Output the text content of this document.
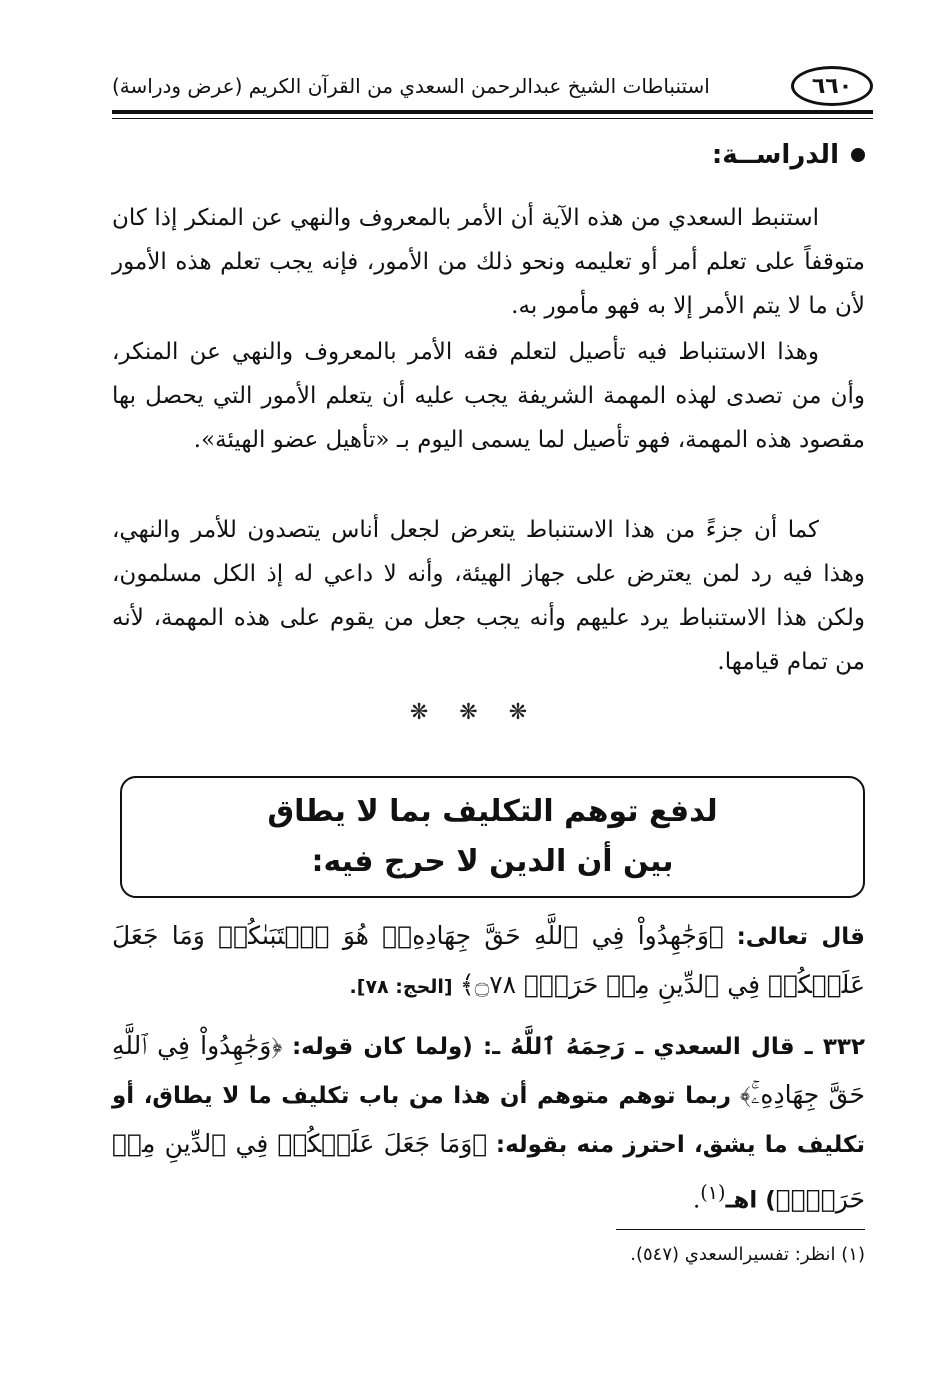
٦٦٠
استنباطات الشيخ عبدالرحمن السعدي من القرآن الكريم (عرض ودراسة)
الدراســة:

استنبط السعدي من هذه الآية أن الأمر بالمعروف والنهي عن المنكر إذا كان متوقفاً على تعلم أمر أو تعليمه ونحو ذلك من الأمور، فإنه يجب تعلم هذه الأمور لأن ما لا يتم الأمر إلا به فهو مأمور به.

وهذا الاستنباط فيه تأصيل لتعلم فقه الأمر بالمعروف والنهي عن المنكر، وأن من تصدى لهذه المهمة الشريفة يجب عليه أن يتعلم الأمور التي يحصل بها مقصود هذه المهمة، فهو تأصيل لما يسمى اليوم بـ «تأهيل عضو الهيئة».

كما أن جزءً من هذا الاستنباط يتعرض لجعل أناس يتصدون للأمر والنهي، وهذا فيه رد لمن يعترض على جهاز الهيئة، وأنه لا داعي له إذ الكل مسلمون، ولكن هذا الاستنباط يرد عليهم وأنه يجب جعل من يقوم على هذه المهمة، لأنه من تمام قيامها.

❋ ❋ ❋
لدفع توهم التكليف بما لا يطاق
بين أن الدين لا حرج فيه:

قال تعالى: ﴿وَجَٰهِدُواْ فِي ٱللَّهِ حَقَّ جِهَادِهِۦۚ هُوَ ٱجۡتَبَىٰكُمۡ وَمَا جَعَلَ عَلَيۡكُمۡ فِي ٱلدِّينِ مِنۡ حَرَجٖۚ ۝٧٨﴾ [الحج: ٧٨].

٣٣٢ ـ قال السعدي ـ رَحِمَهُ ٱللَّهُ ـ: (ولما كان قوله: ﴿وَجَٰهِدُواْ فِي ٱللَّهِ حَقَّ جِهَادِهِۦۚ﴾ ربما توهم متوهم أن هذا من باب تكليف ما لا يطاق، أو تكليف ما يشق، احترز منه بقوله: ﴿وَمَا جَعَلَ عَلَيۡكُمۡ فِي ٱلدِّينِ مِنۡ حَرَجٖۚ﴾) اهـ$^{(١)}$.

(١) انظر: تفسيرالسعدي (٥٤٧).
